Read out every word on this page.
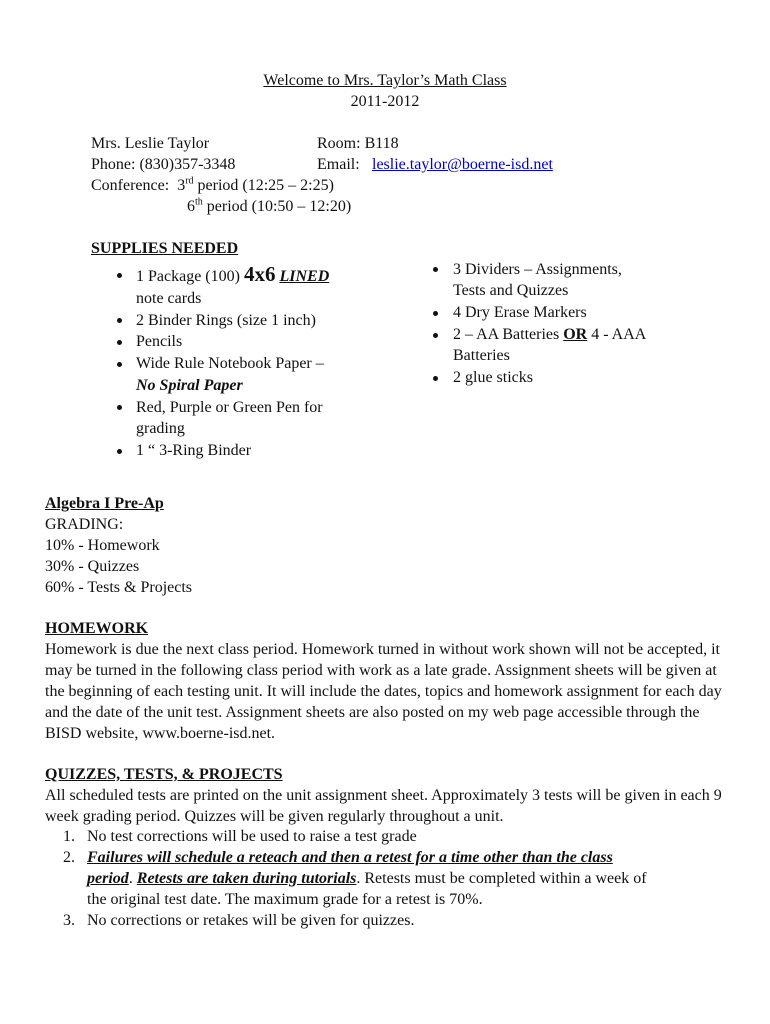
Welcome to Mrs. Taylor’s Math Class
2011-2012
Mrs. Leslie Taylor	Room: B118
Phone: (830)357-3348	Email: leslie.taylor@boerne-isd.net
Conference: 3rd period (12:25 – 2:25)
6th period (10:50 – 12:20)
SUPPLIES NEEDED
1 Package (100) 4x6 LINED
note cards
2 Binder Rings (size 1 inch)
Pencils
Wide Rule Notebook Paper –
No Spiral Paper
Red, Purple or Green Pen for
grading
1 “ 3-Ring Binder
3 Dividers – Assignments,
Tests and Quizzes
4 Dry Erase Markers
2 – AA Batteries OR 4 - AAA
Batteries
2 glue sticks
Algebra I Pre-Ap
GRADING:
10% - Homework
30% - Quizzes
60% - Tests & Projects
HOMEWORK
Homework is due the next class period. Homework turned in without work shown will not be accepted, it may be turned in the following class period with work as a late grade. Assignment sheets will be given at the beginning of each testing unit. It will include the dates, topics and homework assignment for each day and the date of the unit test. Assignment sheets are also posted on my web page accessible through the BISD website, www.boerne-isd.net.
QUIZZES, TESTS, & PROJECTS
All scheduled tests are printed on the unit assignment sheet. Approximately 3 tests will be given in each 9 week grading period. Quizzes will be given regularly throughout a unit.
1. No test corrections will be used to raise a test grade
2. Failures will schedule a reteach and then a retest for a time other than the class
period. Retests are taken during tutorials. Retests must be completed within a week of
the original test date. The maximum grade for a retest is 70%.
3. No corrections or retakes will be given for quizzes.
